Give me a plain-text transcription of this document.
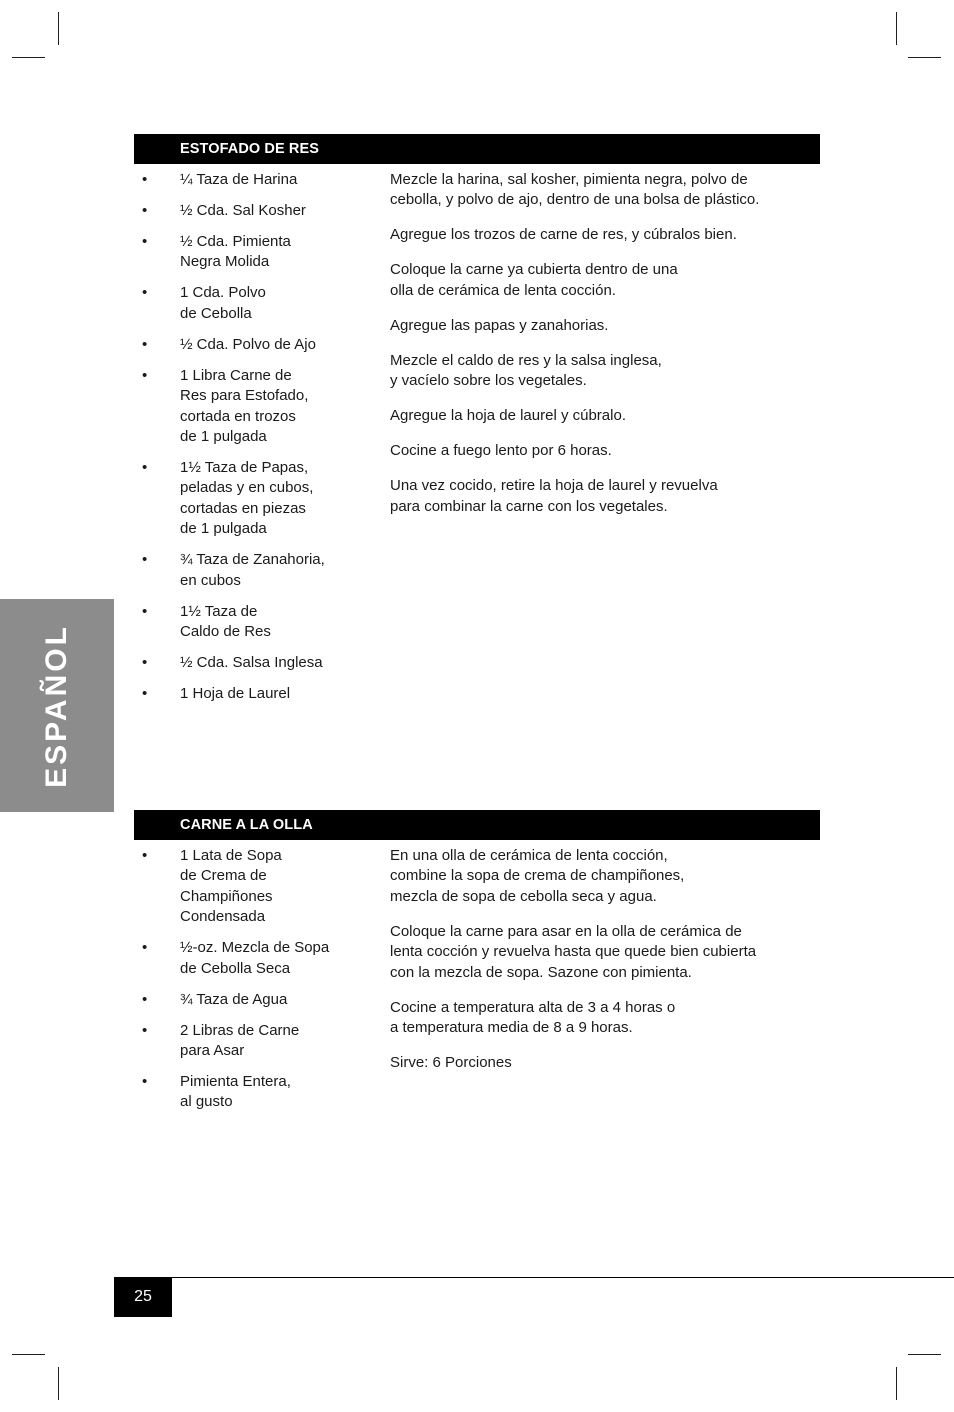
ESTOFADO DE RES
• ¼ Taza de Harina
• ½ Cda. Sal Kosher
• ½ Cda. Pimienta
Negra Molida
• 1 Cda. Polvo
de Cebolla
• ½ Cda. Polvo de Ajo
• 1 Libra Carne de
Res para Estofado,
cortada en trozos
de 1 pulgada
• 1½ Taza de Papas,
peladas y en cubos,
cortadas en piezas
de 1 pulgada
• ¾ Taza de Zanahoria,
en cubos
• 1½ Taza de
Caldo de Res
• ½ Cda. Salsa Inglesa
• 1 Hoja de Laurel

Mezcle la harina, sal kosher, pimienta negra, polvo de
cebolla, y polvo de ajo, dentro de una bolsa de plástico.

Agregue los trozos de carne de res, y cúbralos bien.

Coloque la carne ya cubierta dentro de una
olla de cerámica de lenta cocción.

Agregue las papas y zanahorias.

Mezcle el caldo de res y la salsa inglesa,
y vacíelo sobre los vegetales.

Agregue la hoja de laurel y cúbralo.

Cocine a fuego lento por 6 horas.

Una vez cocido, retire la hoja de laurel y revuelva
para combinar la carne con los vegetales.

ESPAÑOL
CARNE A LA OLLA
• 1 Lata de Sopa
de Crema de
Champiñones
Condensada
• ½-oz. Mezcla de Sopa
de Cebolla Seca
• ¾ Taza de Agua
• 2 Libras de Carne
para Asar
• Pimienta Entera,
al gusto

En una olla de cerámica de lenta cocción,
combine la sopa de crema de champiñones,
mezcla de sopa de cebolla seca y agua.

Coloque la carne para asar en la olla de cerámica de
lenta cocción y revuelva hasta que quede bien cubierta
con la mezcla de sopa. Sazone con pimienta.

Cocine a temperatura alta de 3 a 4 horas o
a temperatura media de 8 a 9 horas.

Sirve: 6 Porciones

25
